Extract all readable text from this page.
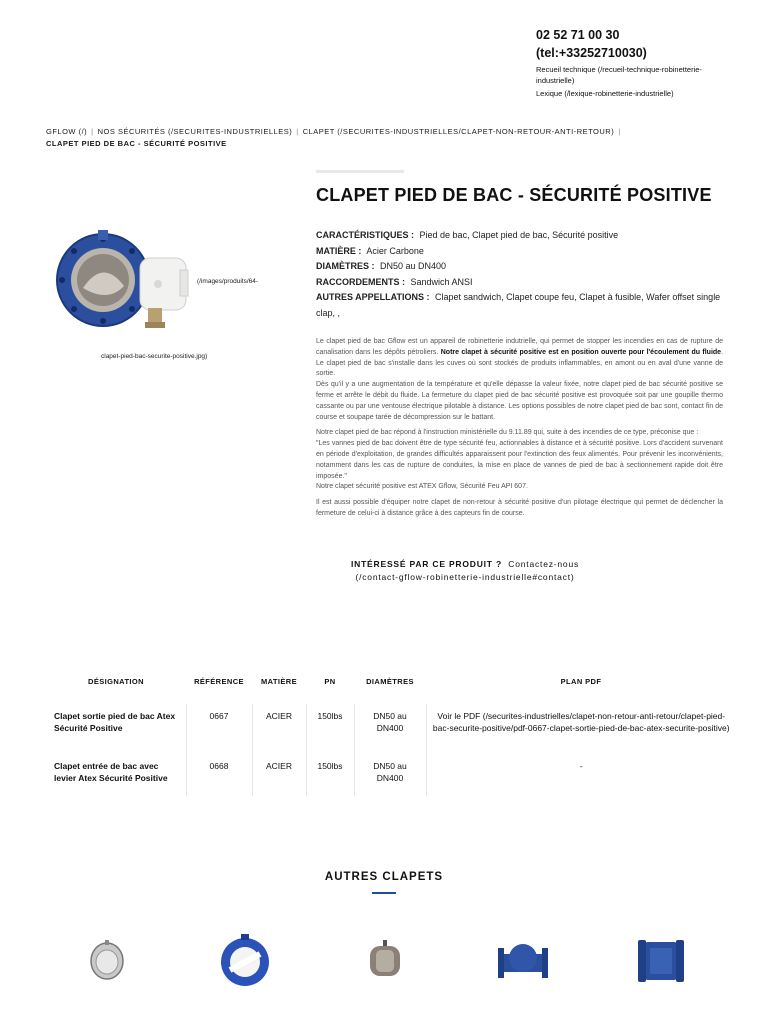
02 52 71 00 30
(tel:+33252710030)
Recueil technique (/recueil-technique-robinetterie-industrielle)
Lexique (/lexique-robinetterie-industrielle)
GFLOW (/) | NOS SÉCURITÉS (/SECURITES-INDUSTRIELLES) | CLAPET (/SECURITES-INDUSTRIELLES/CLAPET-NON-RETOUR-ANTI-RETOUR) |
CLAPET PIED DE BAC - SÉCURITÉ POSITIVE
(/images/produits/64-
clapet-pied-bac-securite-positive.jpg)
CLAPET PIED DE BAC - SÉCURITÉ POSITIVE
CARACTÉRISTIQUES : Pied de bac, Clapet pied de bac, Sécurité positive
MATIÈRE : Acier Carbone
DIAMÈTRES : DN50 au DN400
RACCORDEMENTS : Sandwich ANSI
AUTRES APPELLATIONS : Clapet sandwich, Clapet coupe feu, Clapet à fusible, Wafer offset single clap, ,

Le clapet pied de bac Gflow est un appareil de robinetterie indutrielle, qui permet de stopper les incendies en cas de rupture de canalisation dans les dépôts pétroliers. Notre clapet à sécurité positive est en position ouverte pour l'écoulement du fluide. Le clapet pied de bac s'installe dans les cuves où sont stockés de produits inflammables, en amont ou en aval d'une vanne de sortie.
Dès qu'il y a une augmentation de la température et qu'elle dépasse la valeur fixée, notre clapet pied de bac sécurité positive se ferme et arrête le débit du fluide. La fermeture du clapet pied de bac sécurité positive est provoquée soit par une goupille thermo cassante ou par une ventouse électrique pilotable à distance. Les options possibles de notre clapet pied de bac sont, contact fin de course et soupape tarée de décompression sur le battant.

Notre clapet pied de bac répond à l'instruction ministérielle du 9.11.89 qui, suite à des incendies de ce type, préconise que :
"Les vannes pied de bac doivent être de type sécurité feu, actionnables à distance et à sécurité positive. Lors d'accident survenant en période d'exploitation, de grandes difficultés apparaissent pour l'extinction des feux alimentés. Pour prévenir les inconvénients, notamment dans les cas de rupture de conduites, la mise en place de vannes de pied de bac à sectionnement rapide doit être imposée."
Notre clapet sécurité positive est ATEX Gflow, Sécurité Feu API 607.

Il est aussi possible d'équiper notre clapet de non-retour à sécurité positive d'un pilotage électrique qui permet de déclencher la fermeture de celui-ci à distance grâce à des capteurs fin de course.

INTÉRESSÉ PAR CE PRODUIT ? Contactez-nous (/contact-gflow-robinetterie-industrielle#contact)
DÉSIGNATION	RÉFÉRENCE	MATIÈRE	PN	DIAMÈTRES	PLAN PDF
Clapet sortie pied de bac Atex Sécurité Positive	0667	ACIER	150lbs	DN50 au DN400	Voir le PDF (/securites-industrielles/clapet-non-retour-anti-retour/clapet-pied-bac-securite-positive/pdf-0667-clapet-sortie-pied-de-bac-atex-securite-positive)
Clapet entrée de bac avec levier Atex Sécurité Positive	0668	ACIER	150lbs	DN50 au DN400	-
AUTRES CLAPETS
